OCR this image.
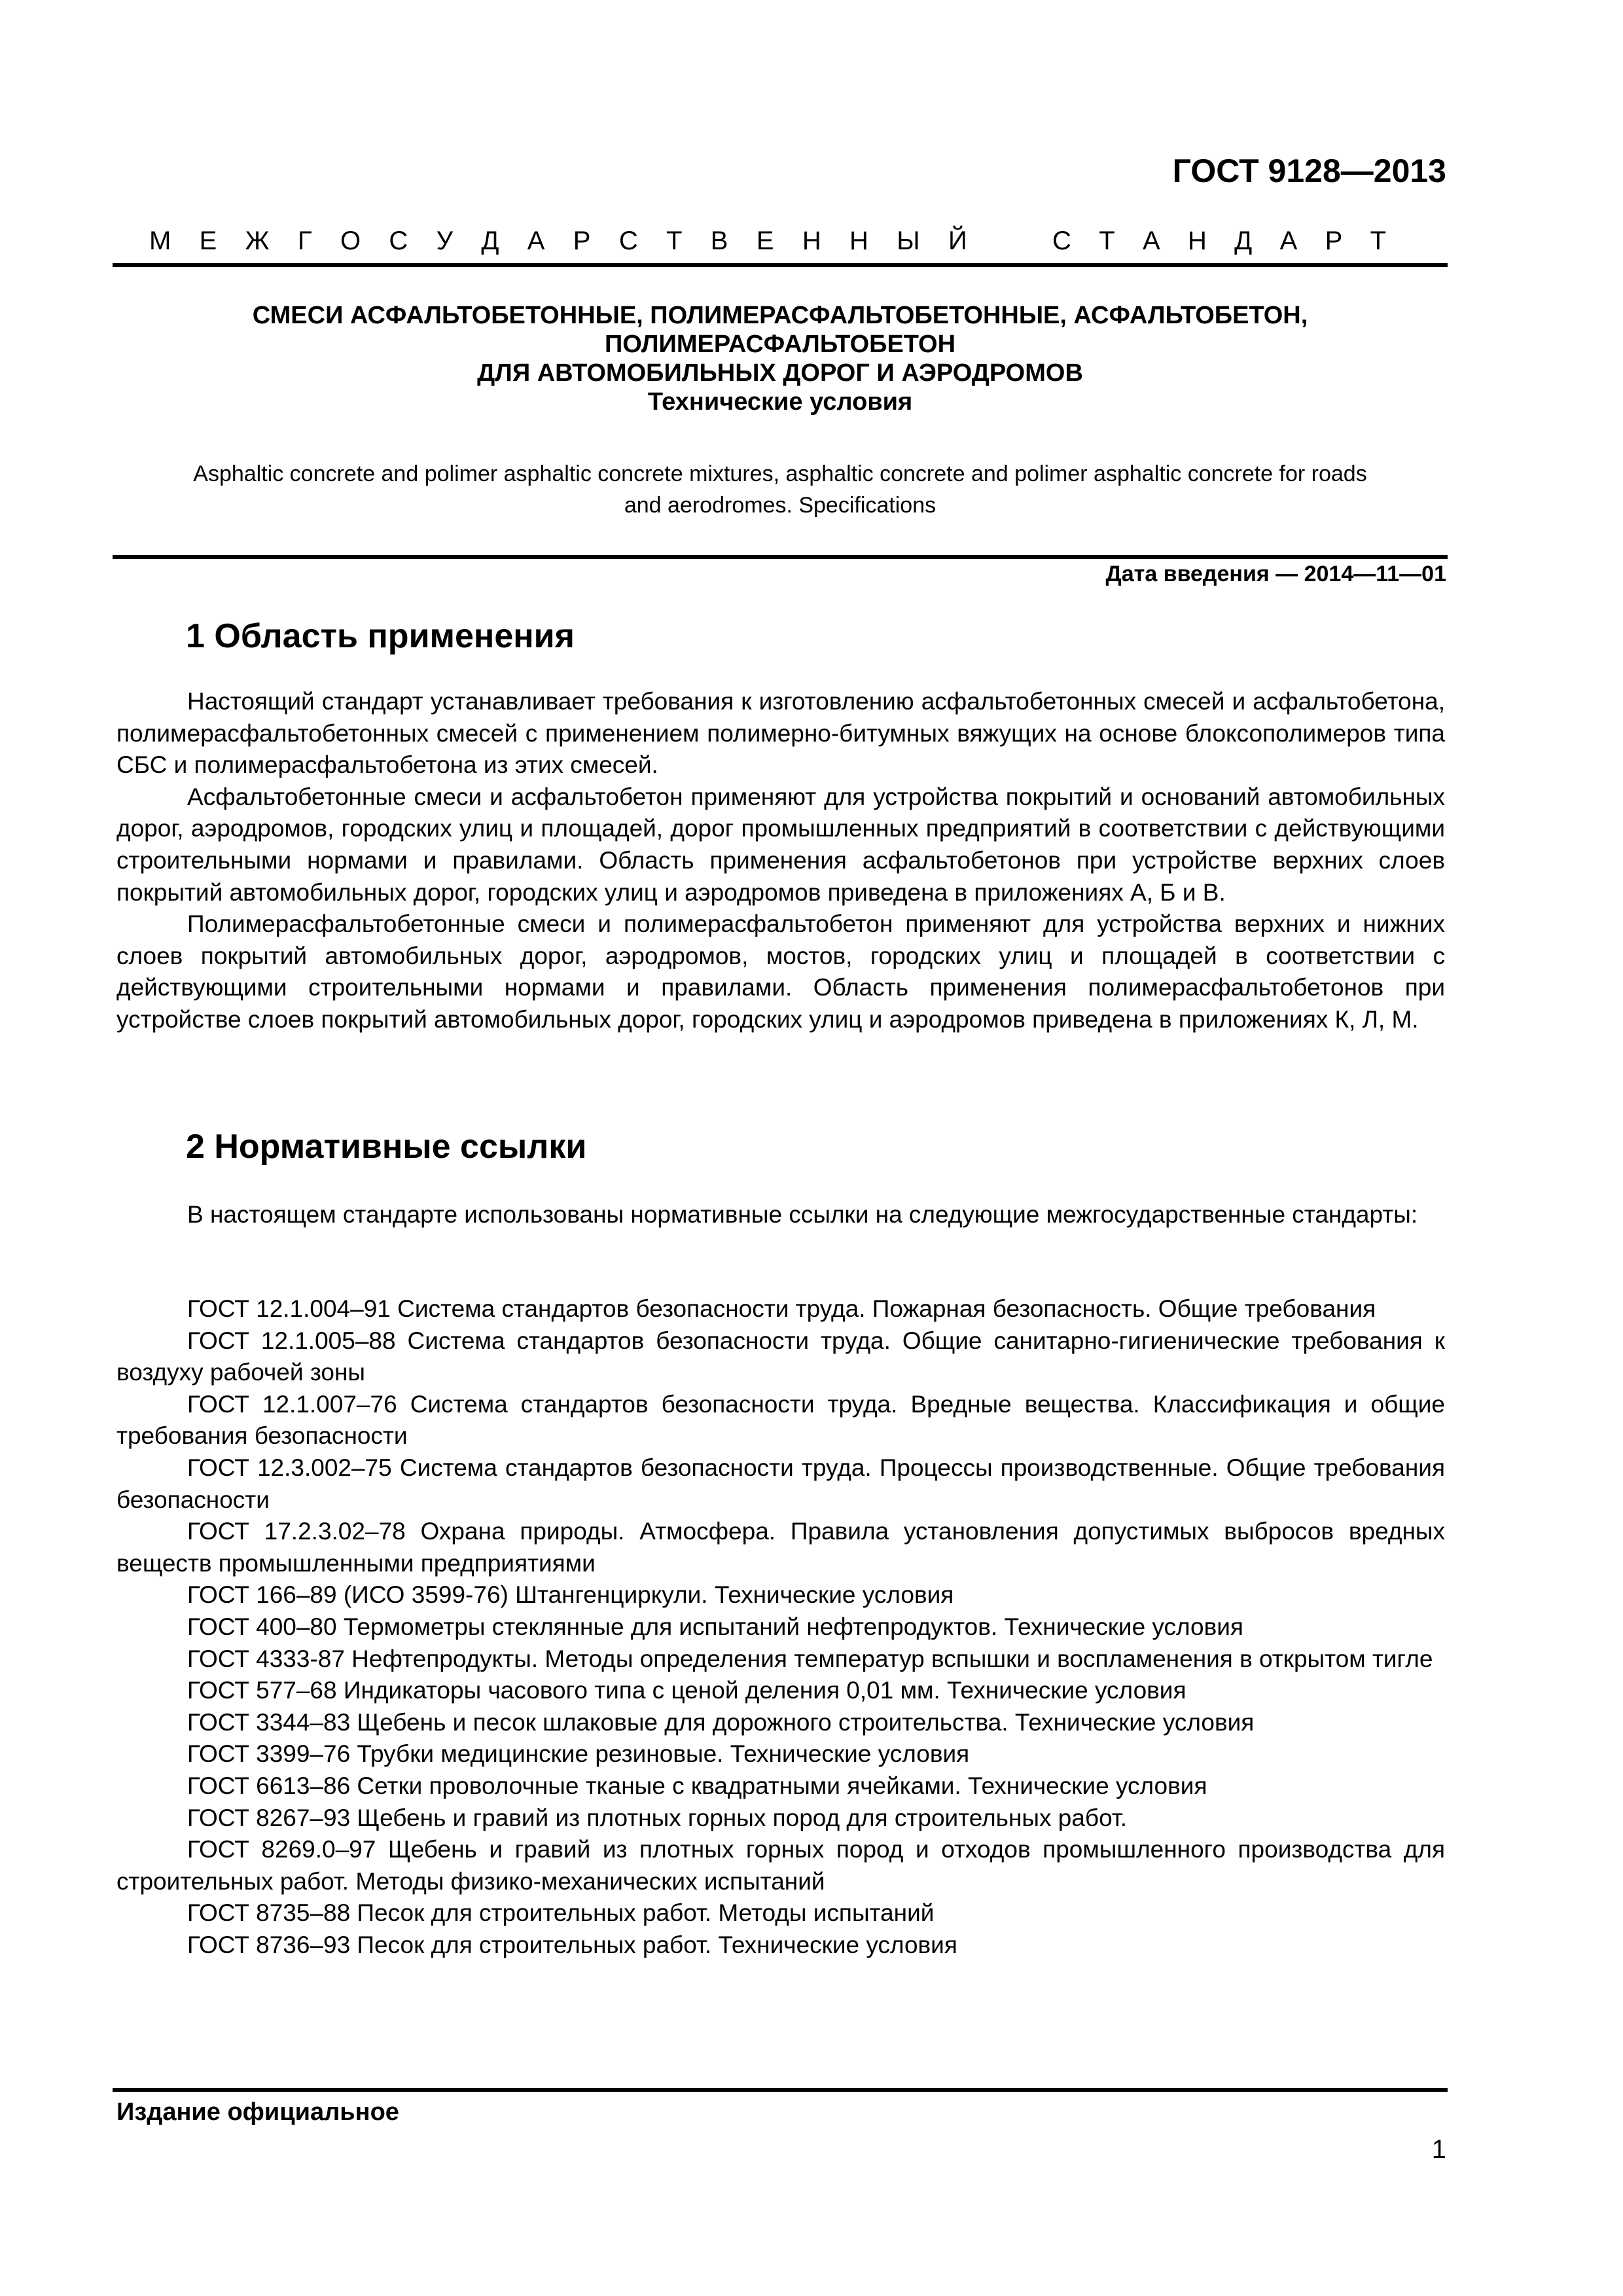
ГОСТ 9128—2013
М Е Ж Г О С У Д А Р С Т В Е Н Н Ы Й	С Т А Н Д А Р Т
СМЕСИ АСФАЛЬТОБЕТОННЫЕ, ПОЛИМЕРАСФАЛЬТОБЕТОННЫЕ, АСФАЛЬТОБЕТОН,
ПОЛИМЕРАСФАЛЬТОБЕТОН
ДЛЯ АВТОМОБИЛЬНЫХ ДОРОГ И АЭРОДРОМОВ
Технические условия
Asphaltic concrete and polimer asphaltic concrete mixtures, asphaltic concrete and polimer asphaltic concrete for roads
and aerodromes. Specifications
Дата введения — 2014—11—01
1 Область применения

Настоящий стандарт устанавливает требования к изготовлению асфальтобетонных смесей и асфальтобетона, полимерасфальтобетонных смесей с применением полимерно-битумных вяжущих на основе блоксополимеров типа СБС и полимерасфальтобетона из этих смесей.

Асфальтобетонные смеси и асфальтобетон применяют для устройства покрытий и оснований автомобильных дорог, аэродромов, городских улиц и площадей, дорог промышленных предприятий в соответствии с действующими строительными нормами и правилами. Область применения асфальтобетонов при устройстве верхних слоев покрытий автомобильных дорог, городских улиц и аэродромов приведена в приложениях А, Б и В.

Полимерасфальтобетонные смеси и полимерасфальтобетон применяют для устройства верхних и нижних слоев покрытий автомобильных дорог, аэродромов, мостов, городских улиц и площадей в соответствии с действующими строительными нормами и правилами. Область применения полимерасфальтобетонов при устройстве слоев покрытий автомобильных дорог, городских улиц и аэродромов приведена в приложениях К, Л, М.

2 Нормативные ссылки

В настоящем стандарте использованы нормативные ссылки на следующие межгосударственные стандарты:

ГОСТ 12.1.004–91 Система стандартов безопасности труда. Пожарная безопасность. Общие требования

ГОСТ 12.1.005–88 Система стандартов безопасности труда. Общие санитарно-гигиенические требования к воздуху рабочей зоны

ГОСТ 12.1.007–76 Система стандартов безопасности труда. Вредные вещества. Классификация и общие требования безопасности

ГОСТ 12.3.002–75 Система стандартов безопасности труда. Процессы производственные. Общие требования безопасности

ГОСТ 17.2.3.02–78 Охрана природы. Атмосфера. Правила установления допустимых выбросов вредных веществ промышленными предприятиями

ГОСТ 166–89 (ИСО 3599-76) Штангенциркули. Технические условия

ГОСТ 400–80 Термометры стеклянные для испытаний нефтепродуктов. Технические условия

ГОСТ 4333-87 Нефтепродукты. Методы определения температур вспышки и воспламенения в открытом тигле

ГОСТ 577–68 Индикаторы часового типа с ценой деления 0,01 мм. Технические условия

ГОСТ 3344–83 Щебень и песок шлаковые для дорожного строительства. Технические условия

ГОСТ 3399–76 Трубки медицинские резиновые. Технические условия

ГОСТ 6613–86 Сетки проволочные тканые с квадратными ячейками. Технические условия

ГОСТ 8267–93 Щебень и гравий из плотных горных пород для строительных работ.

ГОСТ 8269.0–97 Щебень и гравий из плотных горных пород и отходов промышленного производства для строительных работ. Методы физико-механических испытаний

ГОСТ 8735–88 Песок для строительных работ. Методы испытаний

ГОСТ 8736–93 Песок для строительных работ. Технические условия

Издание официальное
1
